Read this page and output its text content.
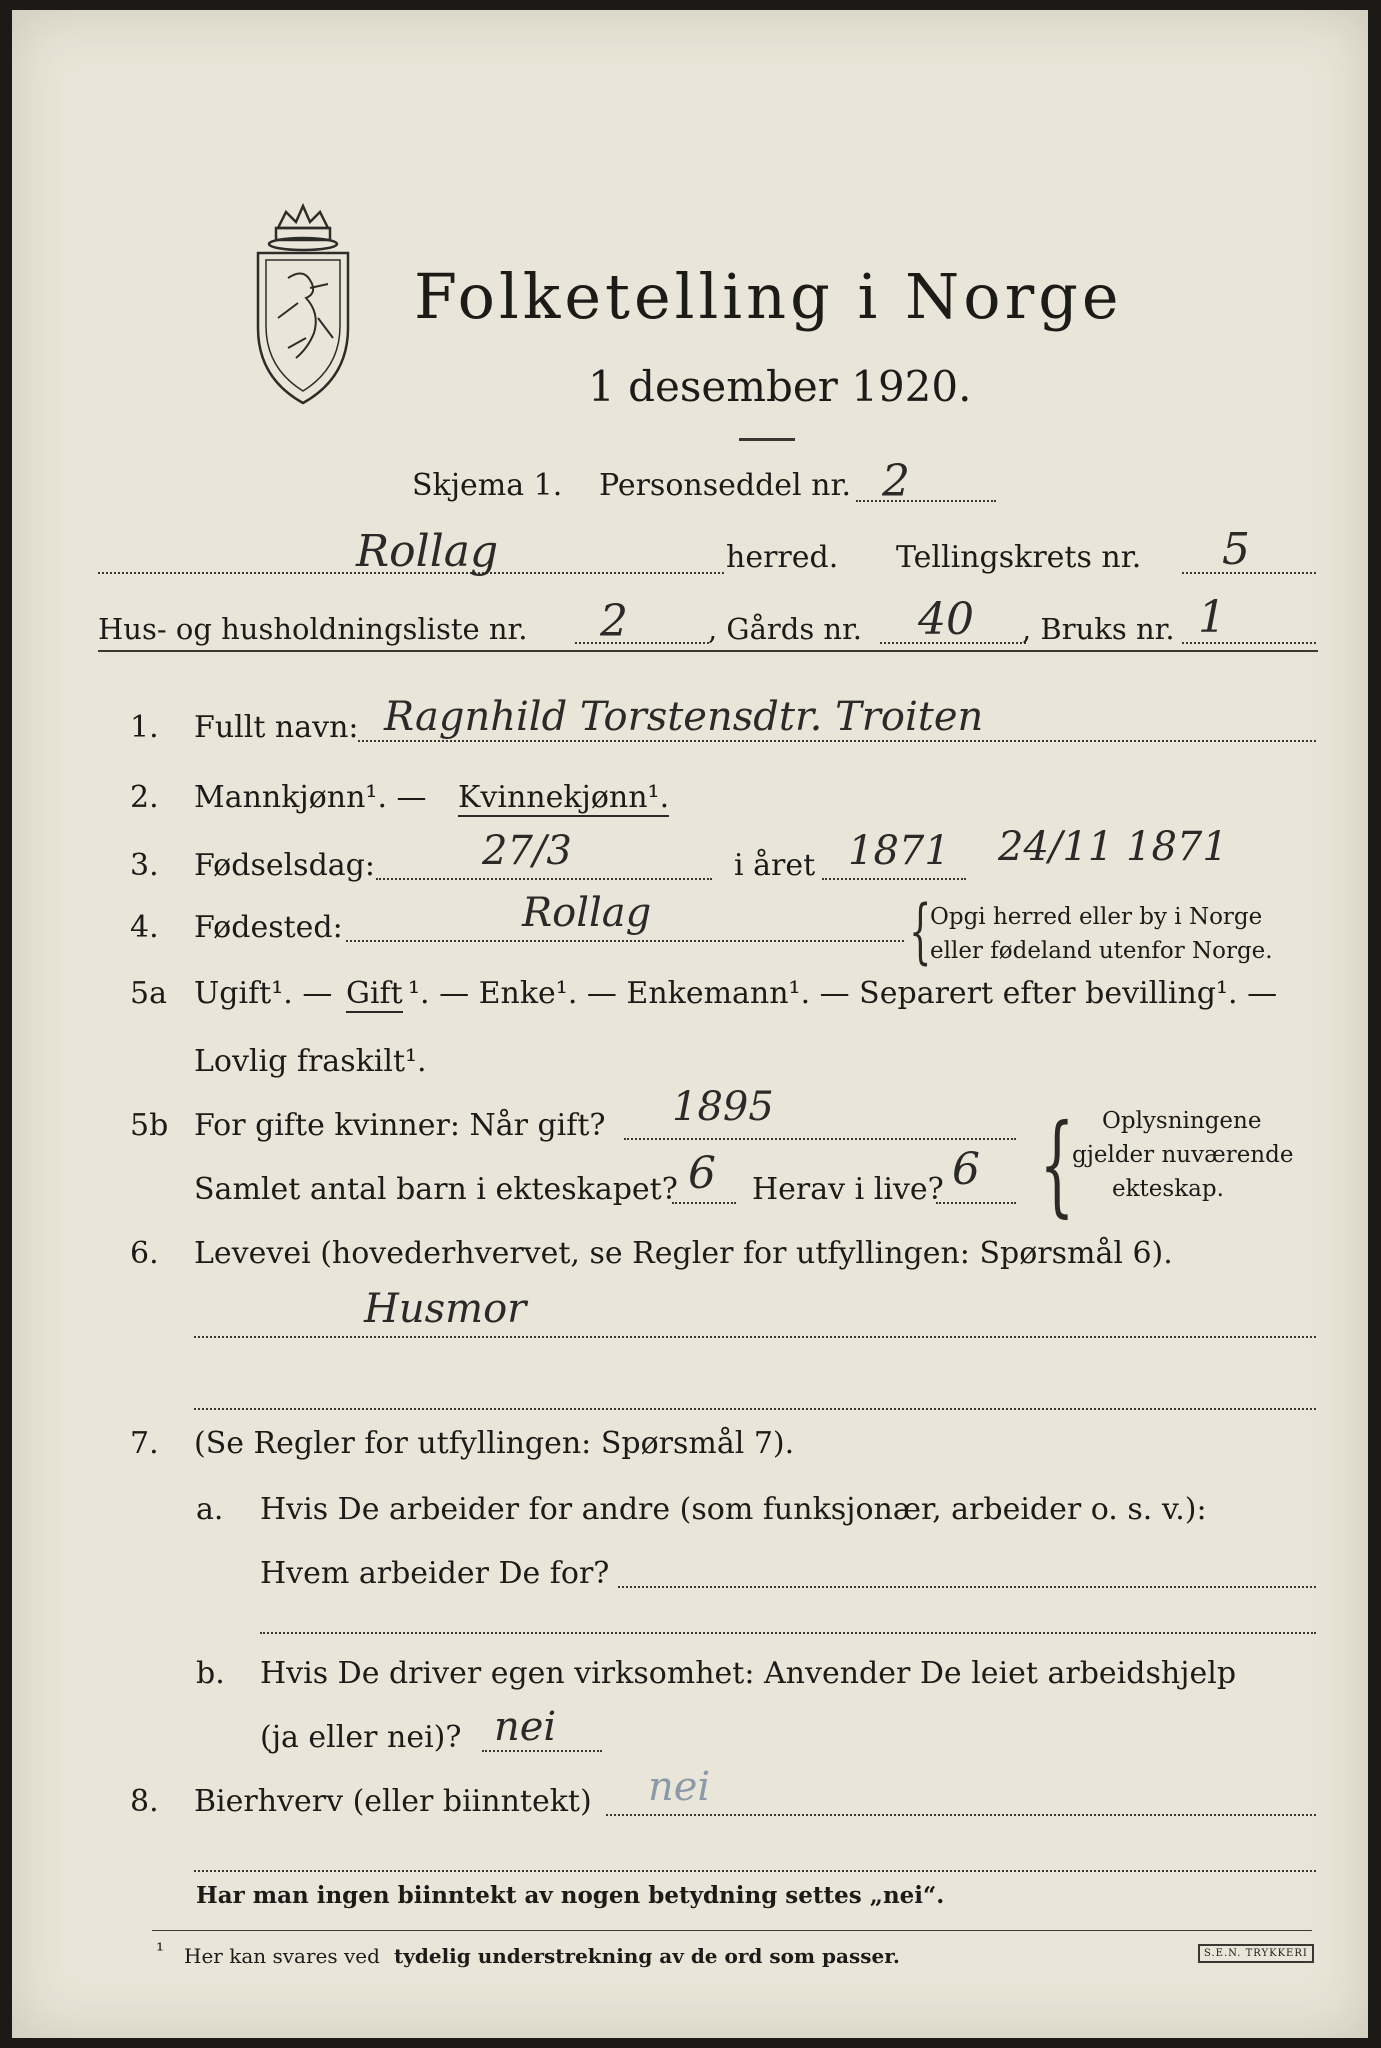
Folketelling i Norge
1 desember 1920.
Skjema 1. Personseddel nr. 2
Rollag	herred. Tellingskrets nr. 5
Hus- og husholdningsliste nr. 2	, Gårds nr. 40 , Bruks nr. 1
1. Fullt navn: Ragnhild Torstensdtr. Troiten
2. Mannkjønn¹. — Kvinnekjønn¹.
3. Fødselsdag:	27/3	i året 1871 24/11 1871
4. Fødested:	Rollag	{
Opgi herred eller by i Norge
eller fødeland utenfor Norge.
5a Ugift¹. — Gift ¹. — Enke¹. — Enkemann¹. — Separert efter bevilling¹. —
Lovlig fraskilt¹.
5b For gifte kvinner: Når gift? 1895
Samlet antal barn i ekteskapet? 6 Herav i live? 6 { Oplysningene
gjelder nuværende
ekteskap.
6. Levevei (hovederhvervet, se Regler for utfyllingen: Spørsmål 6).
Husmor
7. (Se Regler for utfyllingen: Spørsmål 7).
a. Hvis De arbeider for andre (som funksjonær, arbeider o. s. v.):
Hvem arbeider De for?
b. Hvis De driver egen virksomhet: Anvender De leiet arbeidshjelp
(ja eller nei)? nei
8. Bierhverv (eller biinntekt) nei
Har man ingen biinntekt av nogen betydning settes „nei“.
¹ Her kan svares ved tydelig understrekning av de ord som passer.	S.E.N. TRYKKERI
